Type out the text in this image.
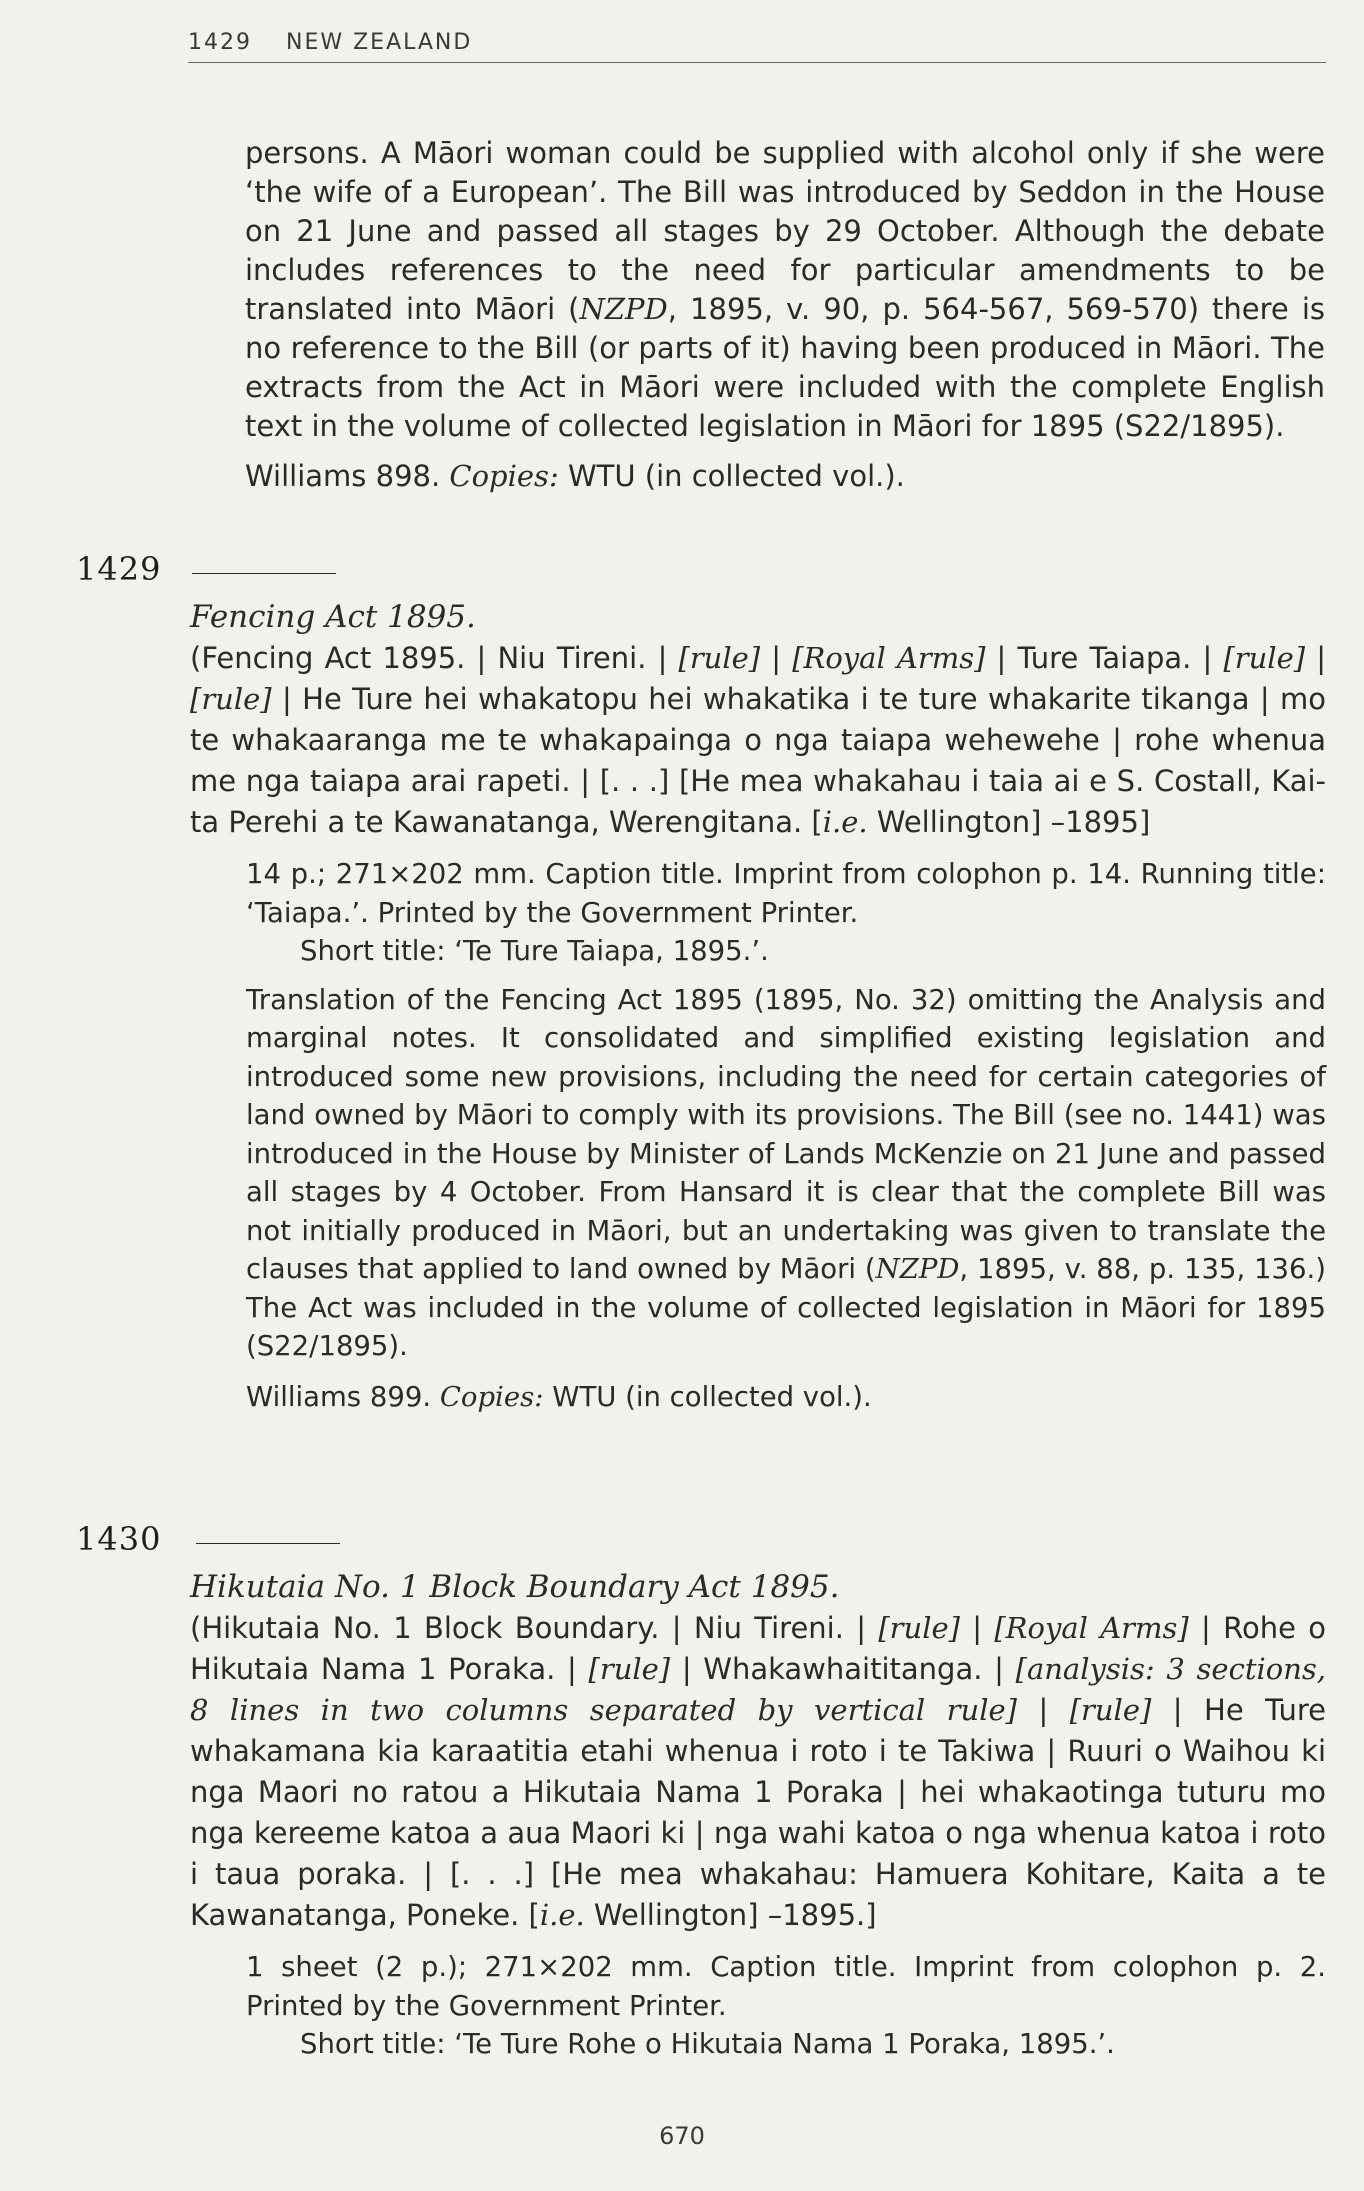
1429 NEW ZEALAND
persons. A Māori woman could be supplied with alcohol only if she were ‘the wife of a European’. The Bill was introduced by Seddon in the House on 21 June and passed all stages by 29 October. Although the debate includes references to the need for particular amendments to be translated into Māori (NZPD, 1895, v. 90, p. 564-567, 569-570) there is no reference to the Bill (or parts of it) having been produced in Māori. The extracts from the Act in Māori were included with the complete English text in the volume of collected legislation in Māori for 1895 (S22/1895).
Williams 898. Copies: WTU (in collected vol.).
1429
Fencing Act 1895.
(Fencing Act 1895. | Niu Tireni. | [rule] | [Royal Arms] | Ture Taiapa. | [rule] | [rule] | He Ture hei whakatopu hei whakatika i te ture whakarite tikanga | mo te whakaaranga me te whakapainga o nga taiapa wehewehe | rohe whenua me nga taiapa arai rapeti. | [. . .] [He mea whakahau i taia ai e S. Costall, Kai-ta Perehi a te Kawanatanga, Werengitana. [i.e. Wellington] –1895]
14 p.; 271×202 mm. Caption title. Imprint from colophon p. 14. Running title: ‘Taiapa.’. Printed by the Government Printer.
Short title: ‘Te Ture Taiapa, 1895.’.
Translation of the Fencing Act 1895 (1895, No. 32) omitting the Analysis and marginal notes. It consolidated and simplified existing legislation and introduced some new provisions, including the need for certain categories of land owned by Māori to comply with its provisions. The Bill (see no. 1441) was introduced in the House by Minister of Lands McKenzie on 21 June and passed all stages by 4 October. From Hansard it is clear that the complete Bill was not initially produced in Māori, but an undertaking was given to translate the clauses that applied to land owned by Māori (NZPD, 1895, v. 88, p. 135, 136.) The Act was included in the volume of collected legislation in Māori for 1895 (S22/1895).
Williams 899. Copies: WTU (in collected vol.).
1430
Hikutaia No. 1 Block Boundary Act 1895.
(Hikutaia No. 1 Block Boundary. | Niu Tireni. | [rule] | [Royal Arms] | Rohe o Hikutaia Nama 1 Poraka. | [rule] | Whakawhaititanga. | [analysis: 3 sections, 8 lines in two columns separated by vertical rule] | [rule] | He Ture whakamana kia karaatitia etahi whenua i roto i te Takiwa | Ruuri o Waihou ki nga Maori no ratou a Hikutaia Nama 1 Poraka | hei whakaotinga tuturu mo nga kereeme katoa a aua Maori ki | nga wahi katoa o nga whenua katoa i roto i taua poraka. | [. . .] [He mea whakahau: Hamuera Kohitare, Kaita a te Kawanatanga, Poneke. [i.e. Wellington] –1895.]
1 sheet (2 p.); 271×202 mm. Caption title. Imprint from colophon p. 2. Printed by the Government Printer.
Short title: ‘Te Ture Rohe o Hikutaia Nama 1 Poraka, 1895.’.
670
